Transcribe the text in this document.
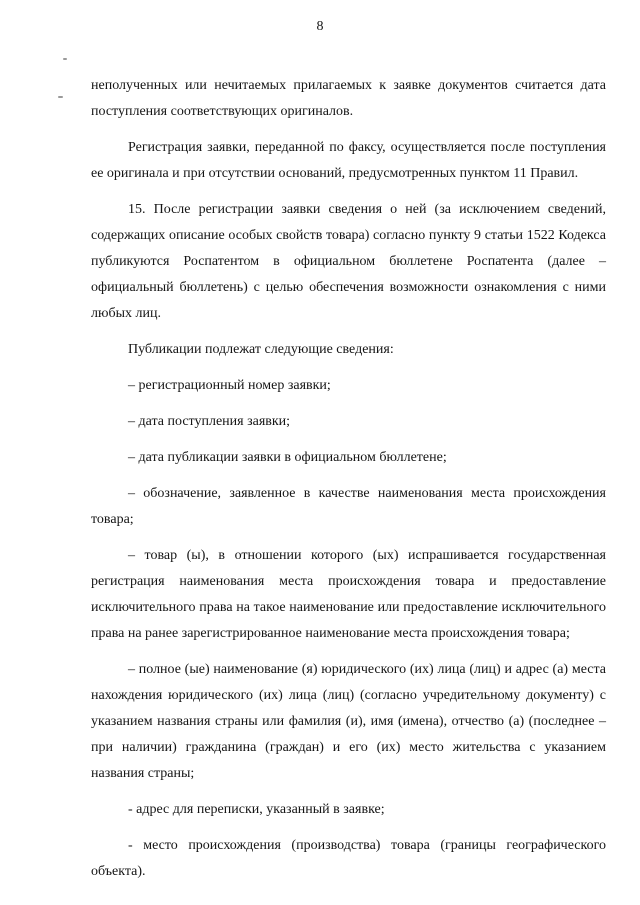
8

неполученных или нечитаемых прилагаемых к заявке документов считается дата поступления соответствующих оригиналов.

Регистрация заявки, переданной по факсу, осуществляется после поступления ее оригинала и при отсутствии оснований, предусмотренных пунктом 11 Правил.

15. После регистрации заявки сведения о ней (за исключением сведений, содержащих описание особых свойств товара) согласно пункту 9 статьи 1522 Кодекса публикуются Роспатентом в официальном бюллетене Роспатента (далее – официальный бюллетень) с целью обеспечения возможности ознакомления с ними любых лиц.

Публикации подлежат следующие сведения:

– регистрационный номер заявки;

– дата поступления заявки;

– дата публикации заявки в официальном бюллетене;

– обозначение, заявленное в качестве наименования места происхождения товара;

– товар (ы), в отношении которого (ых) испрашивается государственная регистрация наименования места происхождения товара и предоставление исключительного права на такое наименование или предоставление исключительного права на ранее зарегистрированное наименование места происхождения товара;

– полное (ые) наименование (я) юридического (их) лица (лиц) и адрес (а) места нахождения юридического (их) лица (лиц) (согласно учредительному документу) с указанием названия страны или фамилия (и), имя (имена), отчество (а) (последнее – при наличии) гражданина (граждан) и его (их) место жительства с указанием названия страны;

- адрес для переписки, указанный в заявке;

- место происхождения (производства) товара (границы географического объекта).
